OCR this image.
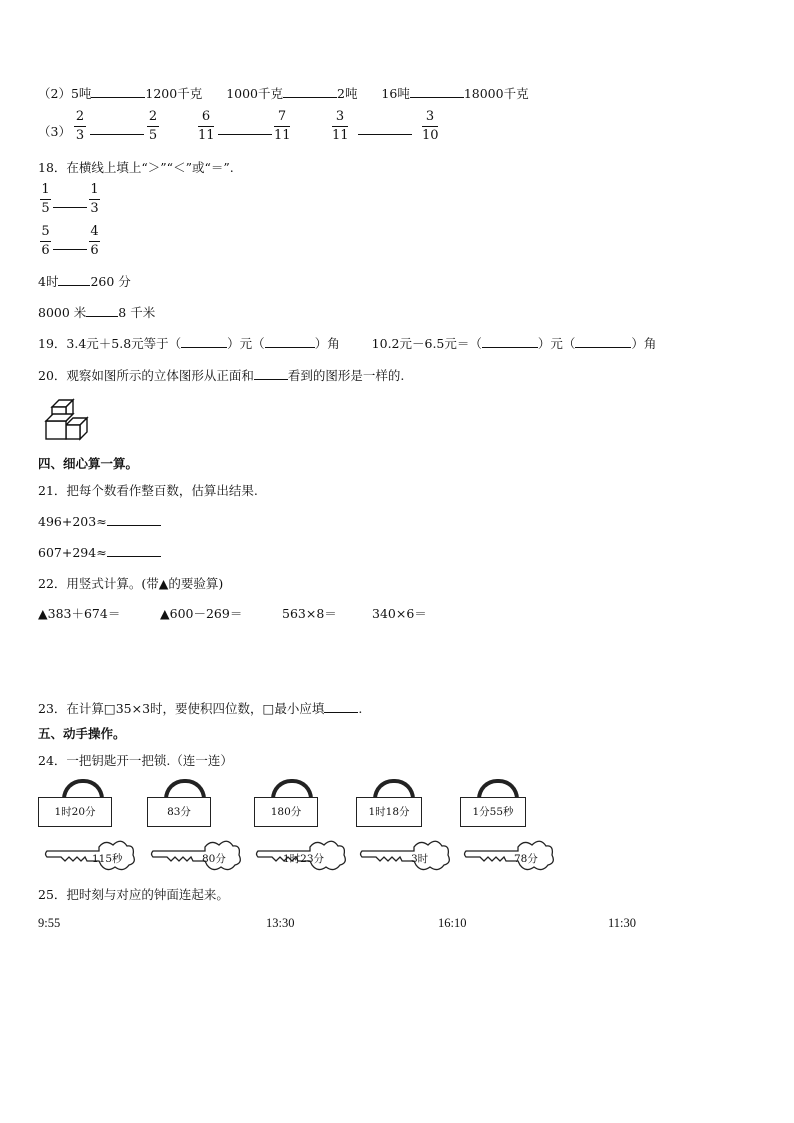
（2）5吨	1200千克 1000千克	2吨 16吨	18000千克
（3）
2
3
2
5
6
11
7
11
3
11
3
10
18．在横线上填上“＞”“＜”或“＝”.
1
5
1
3
5
6
4
6
4时	260 分
8000 米	8 千米
19．3.4元＋5.8元等于（	）元（	）角	10.2元－6.5元＝（	）元（	）角
20．观察如图所示的立体图形从正面和	看到的图形是一样的.
四、细心算一算。
21．把每个数看作整百数，估算出结果.
496+203≈
607+294≈
22．用竖式计算。(带▲的要验算)
▲383＋674＝	▲600－269＝	563×8＝	340×6＝
23．在计算□35×3时，要使积四位数，□最小应填	.
五、动手操作。
24．一把钥匙开一把锁.（连一连）
1时20分	83分	180分	1时18分	1分55秒
115秒	80分	1时23分	3时	78分
25．把时刻与对应的钟面连起来。
9:55	13:30	16:10	11:30
